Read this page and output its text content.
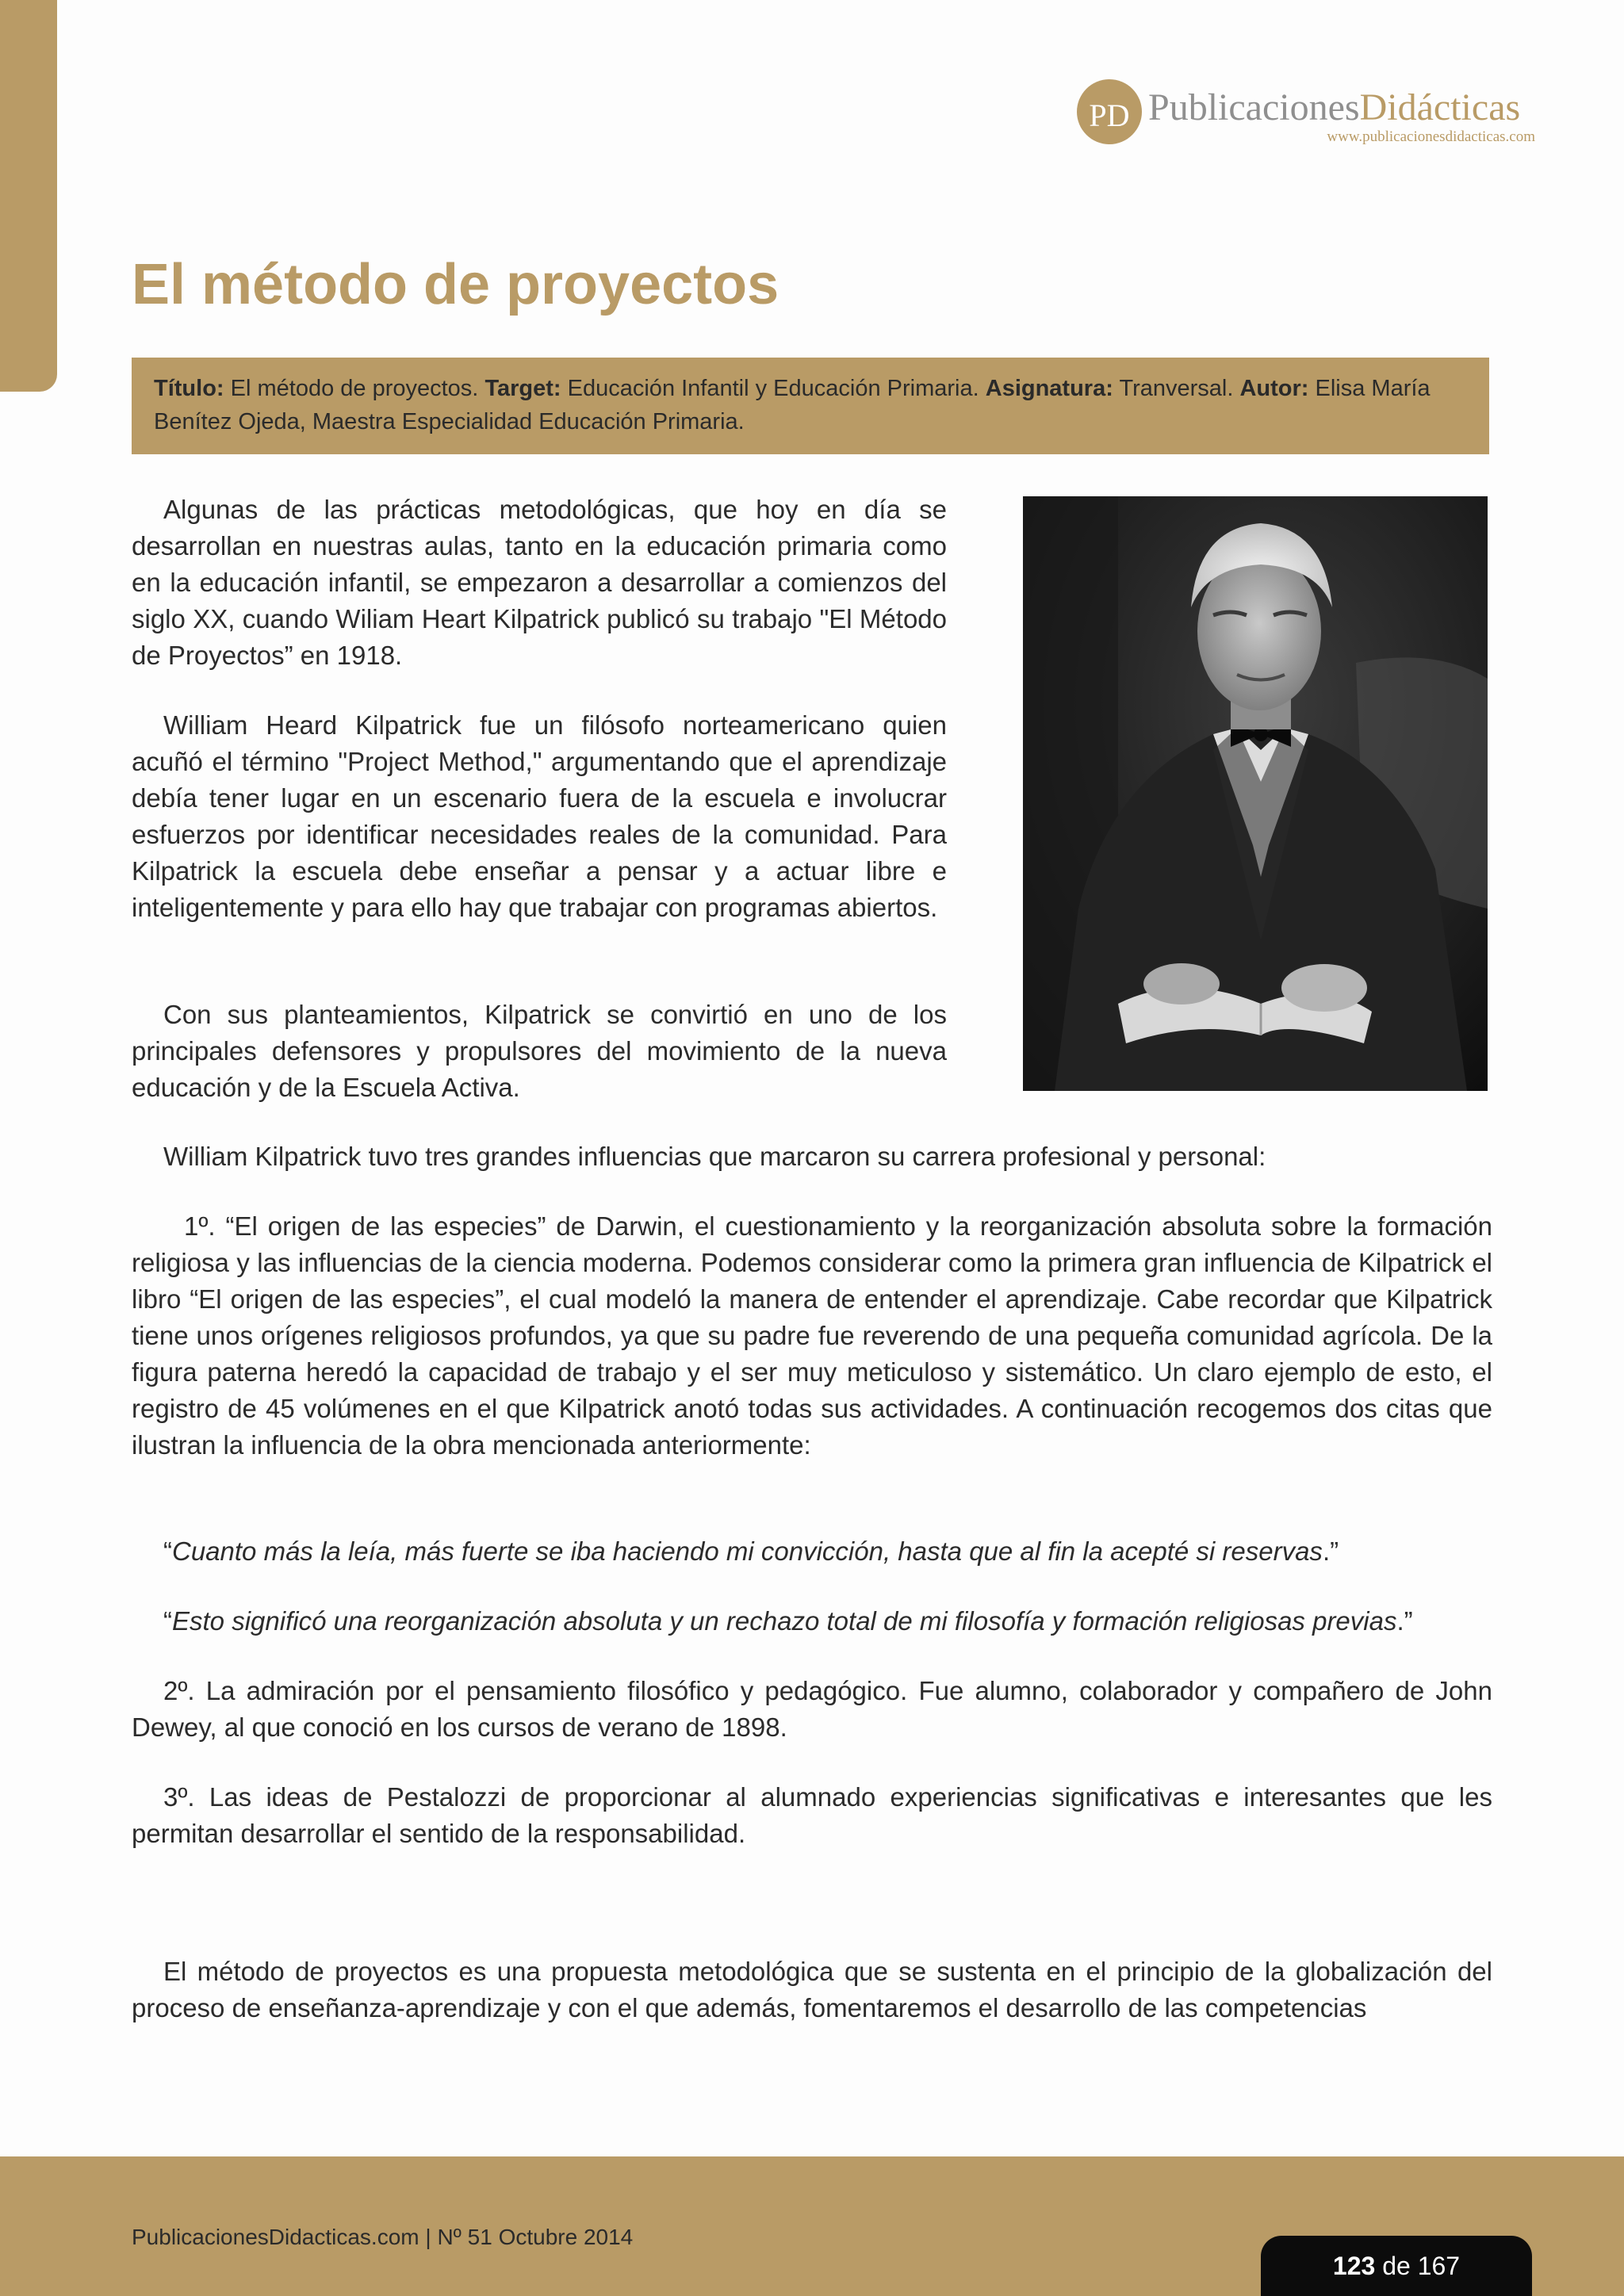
PD PublicacionesDidácticas
www.publicacionesdidacticas.com
El método de proyectos
Título: El método de proyectos. Target: Educación Infantil y Educación Primaria. Asignatura: Tranversal. Autor: Elisa María Benítez Ojeda, Maestra Especialidad Educación Primaria.

Algunas de las prácticas metodológicas, que hoy en día se desarrollan en nuestras aulas, tanto en la educación primaria como en la educación infantil, se empezaron a desarrollar a comienzos del siglo XX, cuando Wiliam Heart Kilpatrick publicó su trabajo "El Método de Proyectos” en 1918.

William Heard Kilpatrick fue un filósofo norteamericano quien acuñó el término "Project Method," argumentando que el aprendizaje debía tener lugar en un escenario fuera de la escuela e involucrar esfuerzos por identificar necesidades reales de la comunidad. Para Kilpatrick la escuela debe enseñar a pensar y a actuar libre e inteligentemente y para ello hay que trabajar con programas abiertos.

Con sus planteamientos, Kilpatrick se convirtió en uno de los principales defensores y propulsores del movimiento de la nueva educación y de la Escuela Activa.

William Kilpatrick tuvo tres grandes influencias que marcaron su carrera profesional y personal:

1º. “El origen de las especies” de Darwin, el cuestionamiento y la reorganización absoluta sobre la formación religiosa y las influencias de la ciencia moderna. Podemos considerar como la primera gran influencia de Kilpatrick el libro “El origen de las especies”, el cual modeló la manera de entender el aprendizaje. Cabe recordar que Kilpatrick tiene unos orígenes religiosos profundos, ya que su padre fue reverendo de una pequeña comunidad agrícola. De la figura paterna heredó la capacidad de trabajo y el ser muy meticuloso y sistemático. Un claro ejemplo de esto, el registro de 45 volúmenes en el que Kilpatrick anotó todas sus actividades. A continuación recogemos dos citas que ilustran la influencia de la obra mencionada anteriormente:

“Cuanto más la leía, más fuerte se iba haciendo mi convicción, hasta que al fin la acepté si reservas.”

“Esto significó una reorganización absoluta y un rechazo total de mi filosofía y formación religiosas previas.”

2º. La admiración por el pensamiento filosófico y pedagógico. Fue alumno, colaborador y compañero de John Dewey, al que conoció en los cursos de verano de 1898.

3º. Las ideas de Pestalozzi de proporcionar al alumnado experiencias significativas e interesantes que les permitan desarrollar el sentido de la responsabilidad.

El método de proyectos es una propuesta metodológica que se sustenta en el principio de la globalización del proceso de enseñanza-aprendizaje y con el que además, fomentaremos el desarrollo de las competencias

PublicacionesDidacticas.com | Nº 51 Octubre 2014
123 de 167
